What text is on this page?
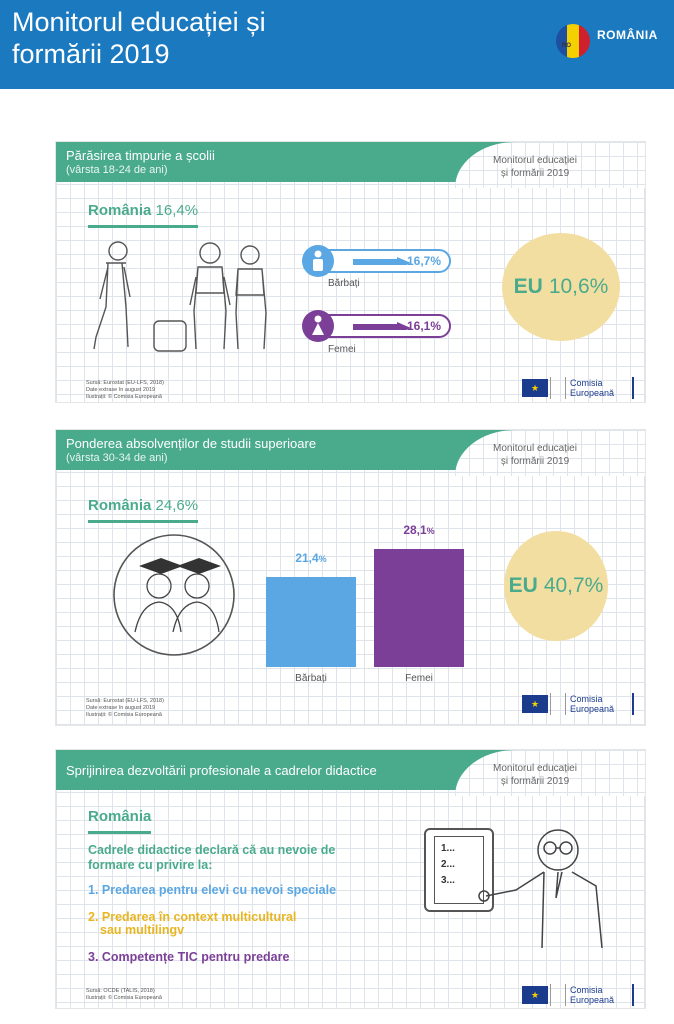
Monitorul educației și
formării 2019	RO
ROMÂNIA
Părăsirea timpurie a școlii
(vârsta 18-24 de ani)
Monitorul educației
și formării 2019
România 16,4%
16,7%
Bărbați
16,1%
Femei
EU 10,6%
Sursă: Eurostat (EU-LFS, 2018)
Date extrase în august 2019
Ilustrații: © Comisia Europeană
★	Comisia
Europeană
Ponderea absolvenților de studii superioare
(vârsta 30-34 de ani)
Monitorul educației
și formării 2019
România 24,6%
21,4%
Bărbați
28,1%
Femei
EU 40,7%
Sursă: Eurostat (EU-LFS, 2018)
Date extrase în august 2019
Ilustrații: © Comisia Europeană
★	Comisia
Europeană
Sprijinirea dezvoltării profesionale a cadrelor didactice	Monitorul educației
și formării 2019
România
Cadrele didactice declară că au nevoie de formare cu privire la:
1. Predarea pentru elevi cu nevoi speciale
2. Predarea în context multicultural
sau multilingv
3. Competențe TIC pentru predare
1...
2...
3...
Sursă: OCDE (TALIS, 2018)
Ilustrații: © Comisia Europeană	★	Comisia
Europeană
